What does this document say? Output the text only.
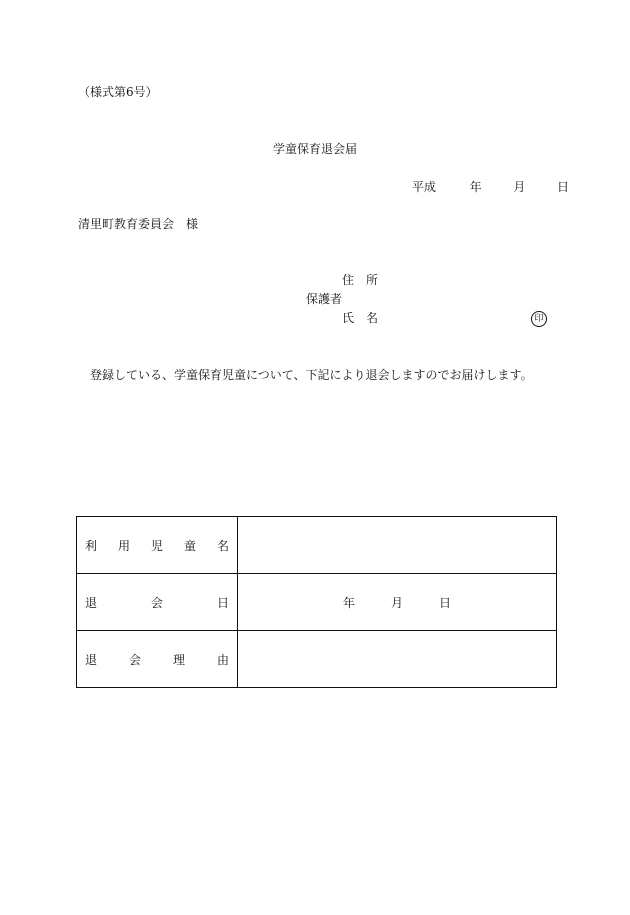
（様式第6号）
学童保育退会届
平成	年	月	日
清里町教育委員会　様
住　所
保護者
氏　名	印
登録している、学童保育児童について、下記により退会しますのでお届けします。
利 用 児 童 名	

退 会 日	年 月 日

退 会 理 由	
